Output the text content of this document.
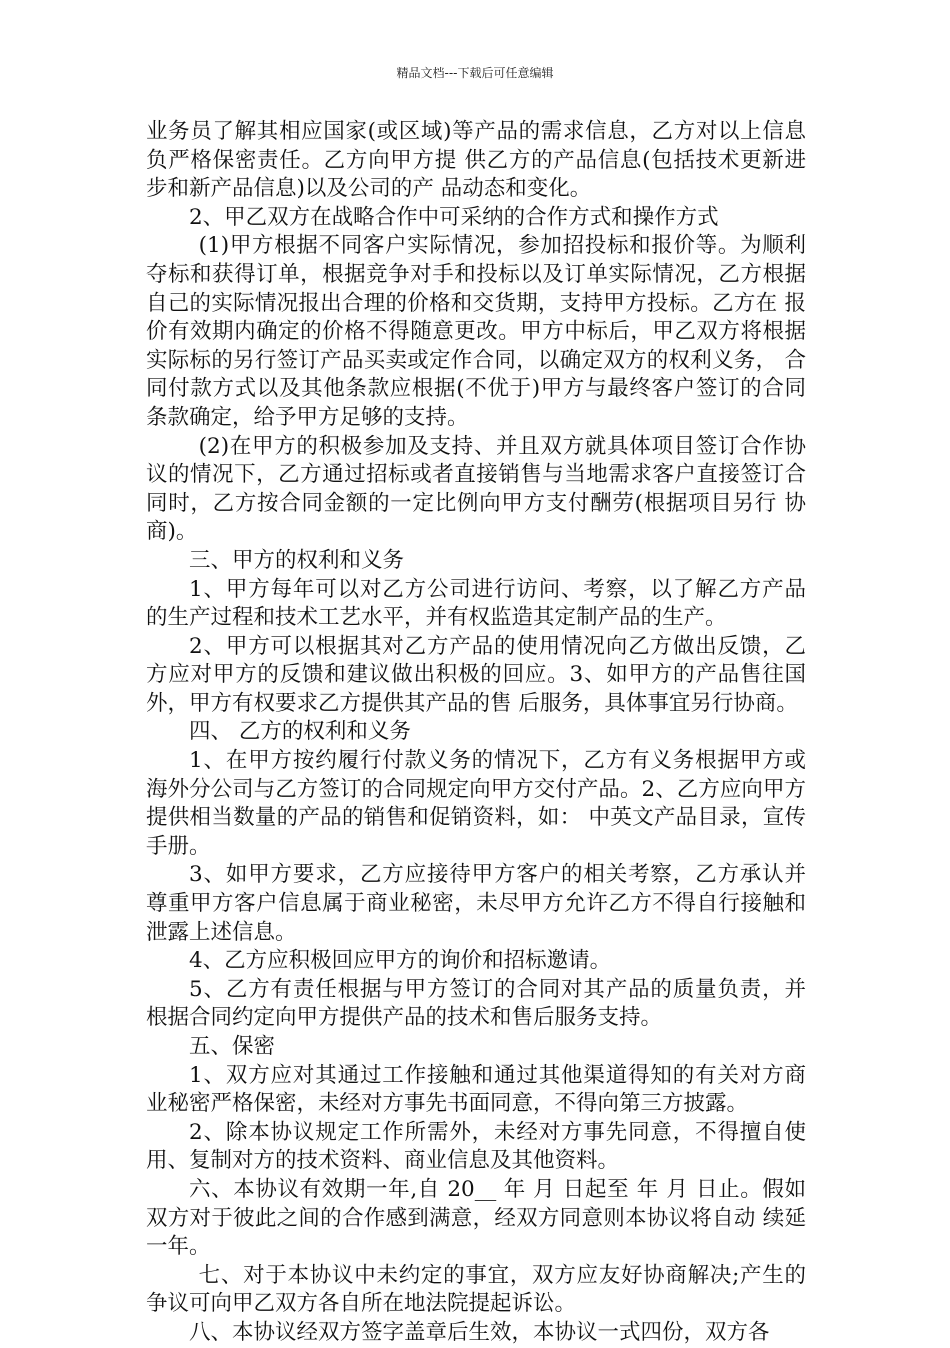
精品文档---下载后可任意编辑

业务员了解其相应国家(或区域)等产品的需求信息，乙方对以上信息负严格保密责任。乙方向甲方提 供乙方的产品信息(包括技术更新进步和新产品信息)以及公司的产 品动态和变化。

2、甲乙双方在战略合作中可采纳的合作方式和操作方式

(1)甲方根据不同客户实际情况，参加招投标和报价等。为顺利夺标和获得订单，根据竞争对手和投标以及订单实际情况，乙方根据自己的实际情况报出合理的价格和交货期，支持甲方投标。乙方在 报价有效期内确定的价格不得随意更改。甲方中标后，甲乙双方将根据实际标的另行签订产品买卖或定作合同，以确定双方的权利义务， 合同付款方式以及其他条款应根据(不优于)甲方与最终客户签订的合同条款确定，给予甲方足够的支持。

(2)在甲方的积极参加及支持、并且双方就具体项目签订合作协议的情况下，乙方通过招标或者直接销售与当地需求客户直接签订合同时，乙方按合同金额的一定比例向甲方支付酬劳(根据项目另行 协商)。

三、甲方的权利和义务

1、甲方每年可以对乙方公司进行访问、考察，以了解乙方产品 的生产过程和技术工艺水平，并有权监造其定制产品的生产。

2、甲方可以根据其对乙方产品的使用情况向乙方做出反馈，乙 方应对甲方的反馈和建议做出积极的回应。3、如甲方的产品售往国外，甲方有权要求乙方提供其产品的售 后服务，具体事宜另行协商。

四、 乙方的权利和义务

1、在甲方按约履行付款义务的情况下，乙方有义务根据甲方或 海外分公司与乙方签订的合同规定向甲方交付产品。2、乙方应向甲方提供相当数量的产品的销售和促销资料，如： 中英文产品目录，宣传手册。

3、如甲方要求，乙方应接待甲方客户的相关考察，乙方承认并 尊重甲方客户信息属于商业秘密，未尽甲方允许乙方不得自行接触和 泄露上述信息。

4、乙方应积极回应甲方的询价和招标邀请。

5、乙方有责任根据与甲方签订的合同对其产品的质量负责，并 根据合同约定向甲方提供产品的技术和售后服务支持。

五、保密

1、双方应对其通过工作接触和通过其他渠道得知的有关对方商 业秘密严格保密，未经对方事先书面同意，不得向第三方披露。

2、除本协议规定工作所需外，未经对方事先同意，不得擅自使 用、复制对方的技术资料、商业信息及其他资料。

六、本协议有效期一年,自 20__ 年 月 日起至 年 月 日止。假如双方对于彼此之间的合作感到满意，经双方同意则本协议将自动 续延一年。

七、对于本协议中未约定的事宜，双方应友好协商解决;产生的 争议可向甲乙双方各自所在地法院提起诉讼。

八、本协议经双方签字盖章后生效，本协议一式四份，双方各
